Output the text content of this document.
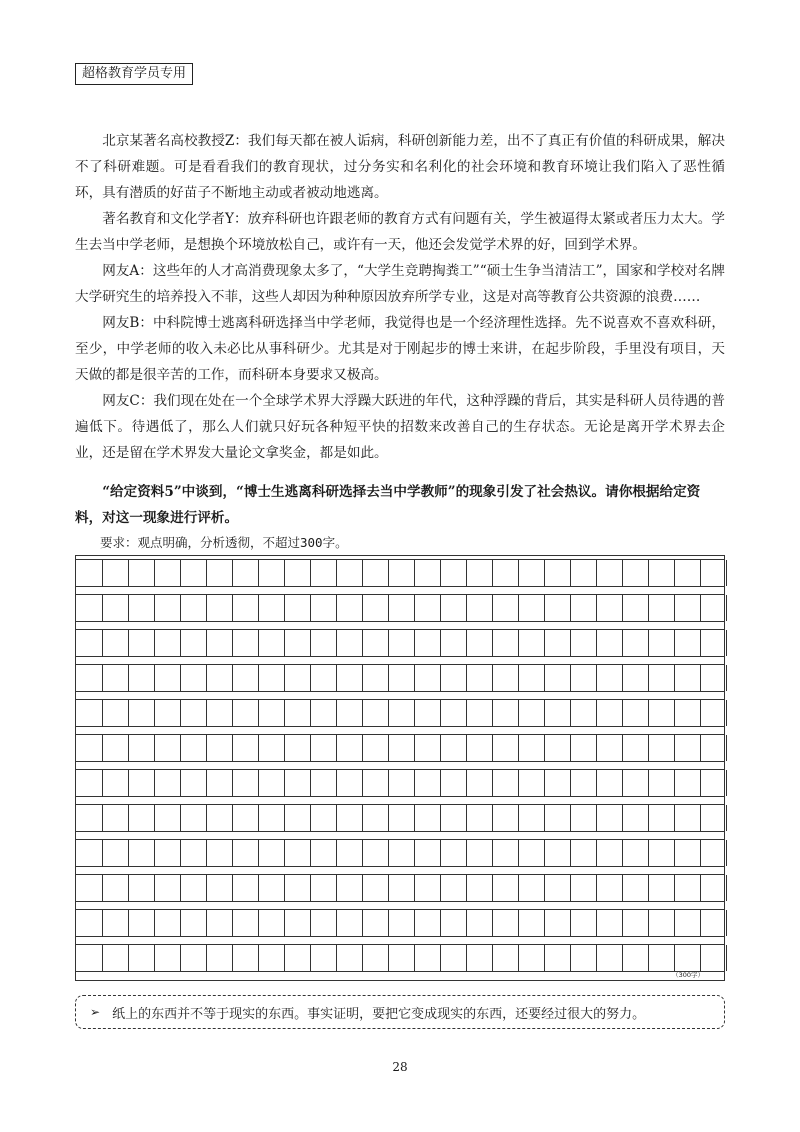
超格教育学员专用

北京某著名高校教授Z：我们每天都在被人诟病，科研创新能力差，出不了真正有价值的科研成果，解决不了科研难题。可是看看我们的教育现状，过分务实和名利化的社会环境和教育环境让我们陷入了恶性循环，具有潜质的好苗子不断地主动或者被动地逃离。

著名教育和文化学者Y：放弃科研也许跟老师的教育方式有问题有关，学生被逼得太紧或者压力太大。学生去当中学老师，是想换个环境放松自己，或许有一天，他还会发觉学术界的好，回到学术界。

网友A：这些年的人才高消费现象太多了，“大学生竞聘掏粪工”“硕士生争当清洁工”，国家和学校对名牌大学研究生的培养投入不菲，这些人却因为种种原因放弃所学专业，这是对高等教育公共资源的浪费……

网友B：中科院博士逃离科研选择当中学老师，我觉得也是一个经济理性选择。先不说喜欢不喜欢科研，至少，中学老师的收入未必比从事科研少。尤其是对于刚起步的博士来讲，在起步阶段，手里没有项目，天天做的都是很辛苦的工作，而科研本身要求又极高。

网友C：我们现在处在一个全球学术界大浮躁大跃进的年代，这种浮躁的背后，其实是科研人员待遇的普遍低下。待遇低了，那么人们就只好玩各种短平快的招数来改善自己的生存状态。无论是离开学术界去企业，还是留在学术界发大量论文拿奖金，都是如此。

“给定资料5”中谈到，“博士生逃离科研选择去当中学教师”的现象引发了社会热议。请你根据给定资料，对这一现象进行评析。
要求：观点明确，分析透彻，不超过300字。
（300字）
➢ 纸上的东西并不等于现实的东西。事实证明，要把它变成现实的东西，还要经过很大的努力。
28
